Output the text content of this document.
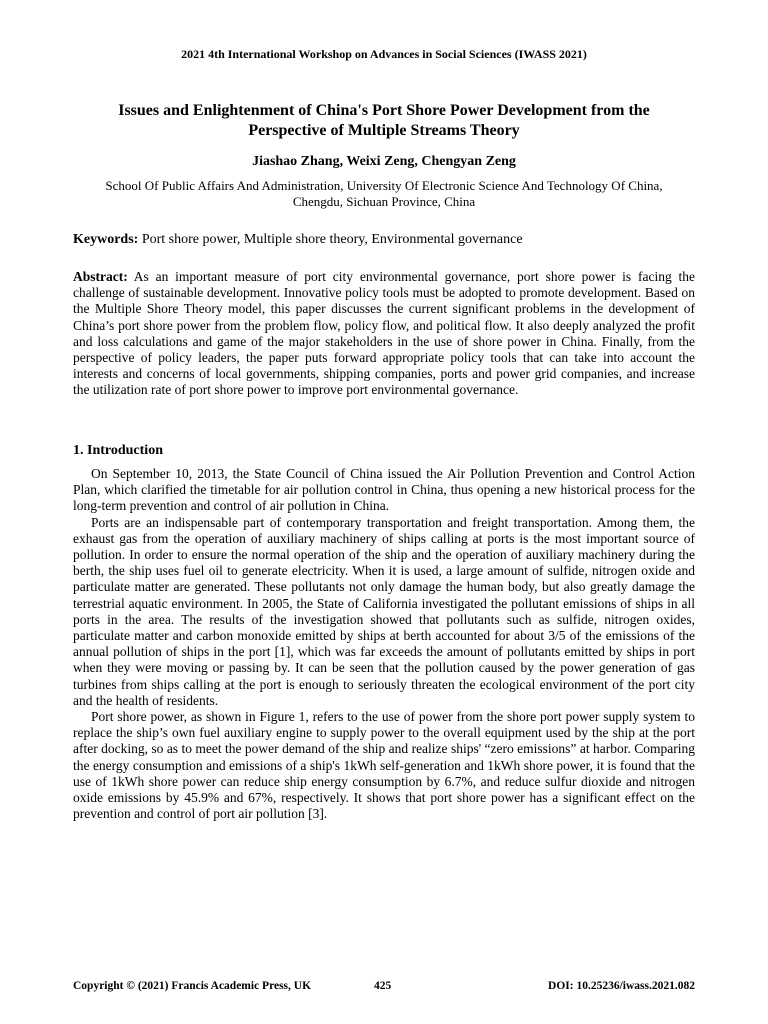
2021 4th International Workshop on Advances in Social Sciences (IWASS 2021)
Issues and Enlightenment of China's Port Shore Power Development from the
Perspective of Multiple Streams Theory
Jiashao Zhang, Weixi Zeng, Chengyan Zeng
School Of Public Affairs And Administration, University Of Electronic Science And Technology Of China,
Chengdu, Sichuan Province, China
Keywords: Port shore power, Multiple shore theory, Environmental governance
Abstract: As an important measure of port city environmental governance, port shore power is facing the challenge of sustainable development. Innovative policy tools must be adopted to promote development. Based on the Multiple Shore Theory model, this paper discusses the current significant problems in the development of China’s port shore power from the problem flow, policy flow, and political flow. It also deeply analyzed the profit and loss calculations and game of the major stakeholders in the use of shore power in China. Finally, from the perspective of policy leaders, the paper puts forward appropriate policy tools that can take into account the interests and concerns of local governments, shipping companies, ports and power grid companies, and increase the utilization rate of port shore power to improve port environmental governance.
1. Introduction

On September 10, 2013, the State Council of China issued the Air Pollution Prevention and Control Action Plan, which clarified the timetable for air pollution control in China, thus opening a new historical process for the long-term prevention and control of air pollution in China.

Ports are an indispensable part of contemporary transportation and freight transportation. Among them, the exhaust gas from the operation of auxiliary machinery of ships calling at ports is the most important source of pollution. In order to ensure the normal operation of the ship and the operation of auxiliary machinery during the berth, the ship uses fuel oil to generate electricity. When it is used, a large amount of sulfide, nitrogen oxide and particulate matter are generated. These pollutants not only damage the human body, but also greatly damage the terrestrial aquatic environment. In 2005, the State of California investigated the pollutant emissions of ships in all ports in the area. The results of the investigation showed that pollutants such as sulfide, nitrogen oxides, particulate matter and carbon monoxide emitted by ships at berth accounted for about 3/5 of the emissions of the annual pollution of ships in the port [1], which was far exceeds the amount of pollutants emitted by ships in port when they were moving or passing by. It can be seen that the pollution caused by the power generation of gas turbines from ships calling at the port is enough to seriously threaten the ecological environment of the port city and the health of residents.

Port shore power, as shown in Figure 1, refers to the use of power from the shore port power supply system to replace the ship’s own fuel auxiliary engine to supply power to the overall equipment used by the ship at the port after docking, so as to meet the power demand of the ship and realize ships' “zero emissions” at harbor. Comparing the energy consumption and emissions of a ship's 1kWh self-generation and 1kWh shore power, it is found that the use of 1kWh shore power can reduce ship energy consumption by 6.7%, and reduce sulfur dioxide and nitrogen oxide emissions by 45.9% and 67%, respectively. It shows that port shore power has a significant effect on the prevention and control of port air pollution [3].

Copyright © (2021) Francis Academic Press, UK	425	DOI: 10.25236/iwass.2021.082
